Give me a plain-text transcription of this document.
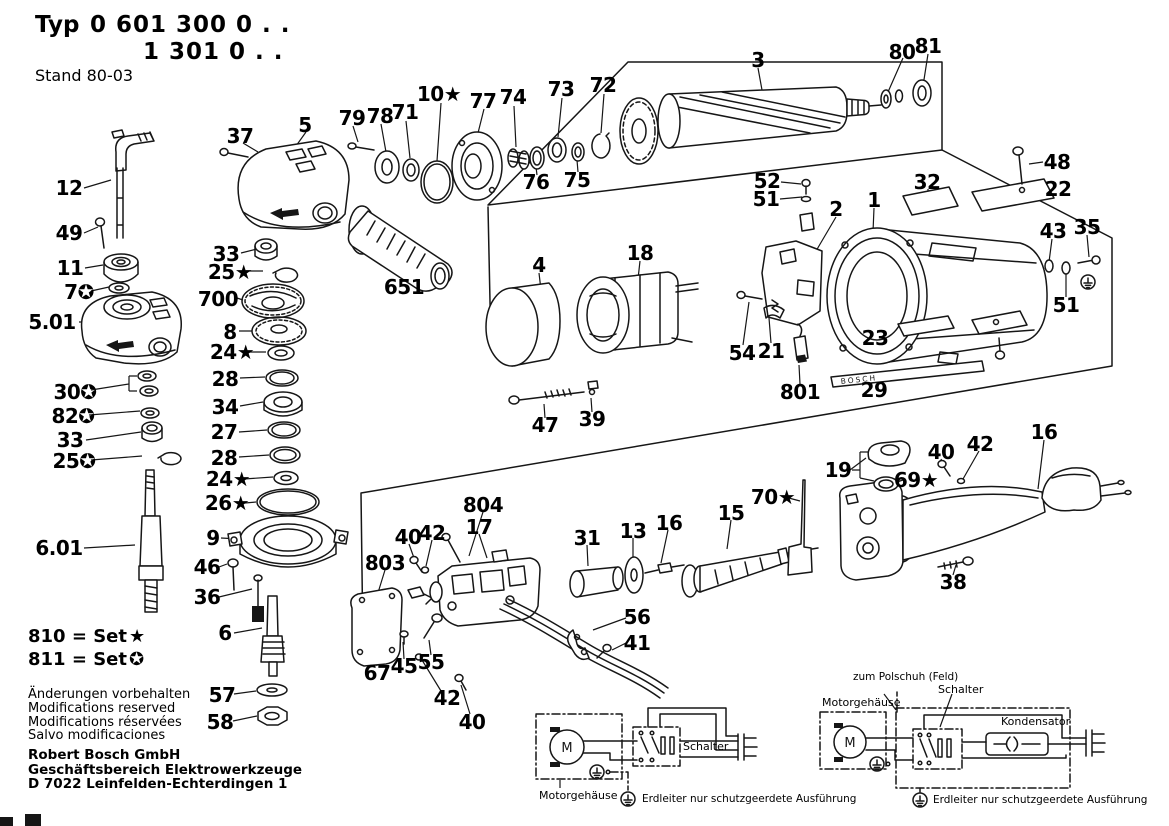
BOSCH
M	M
Typ 0 601 300 0 . .
1 301 0 . .
Stand 80-03
810 = Set ★
811 = Set ✪
Änderungen vorbehalten
Modifications reserved
Modifications réservées
Salvo modificaciones
Robert Bosch GmbH
Geschäftsbereich Elektrowerkzeuge
D 7022 Leinfelden-Echterdingen 1
37 5 79 78
71
10★ 77 74 73 72
76 75
3	80 81
48
22
32
52
51 2 1
43 35
51
23
54 21
801 29
18
4
651
47 39
12
49
11
7✪
5.01
30✪
82✪
33
25✪
6.01
33
25★
700
8
24★
28
34
27
28
24★
26★
9
46
36
6
57
58
804
17
40
42
803
31 13 16 15
70★
19 69★
40 42 16
38
56
41
67 45 55
42
40
Motorgehäuse
Schalter
Erdleiter nur schutzgeerdete Ausführung
Motorgehäuse
zum Polschuh (Feld)
Schalter
Kondensator
Erdleiter nur schutzgeerdete Ausführung
